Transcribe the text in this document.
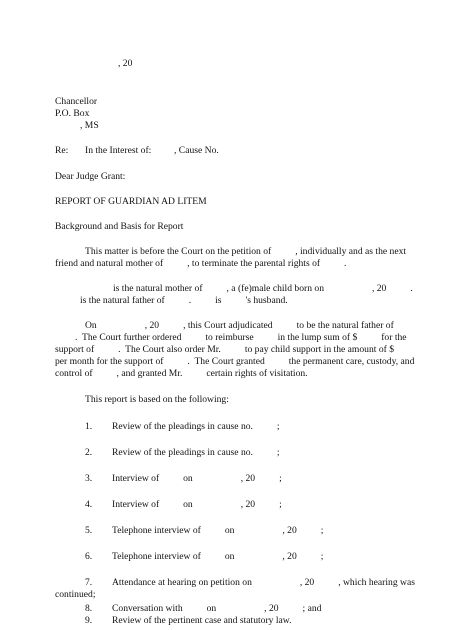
, 20
Chancellor
P.O. Box
, MS
Re: In the Interest of: , Cause No.
Dear Judge Grant:
REPORT OF GUARDIAN AD LITEM
Background and Basis for Report
This matter is before the Court on the petition of          , individually and as the next
friend and natural mother of          , to terminate the parental rights of          .
is the natural mother of          , a (fe)male child born on                    , 20          .
is the natural father of          .          is          's husband.
On                    , 20          , this Court adjudicated          to be the natural father of
.  The Court further ordered          to reimburse          in the lump sum of $          for the
support of          .  The Court also order Mr.          to pay child support in the amount of $
per month for the support of          .  The Court granted          the permanent care, custody, and
control of          , and granted Mr.          certain rights of visitation.
This report is based on the following:
1. Review of the pleadings in cause no.          ;
2. Review of the pleadings in cause no.          ;
3. Interview of          on                    , 20          ;
4. Interview of          on                    , 20          ;
5. Telephone interview of          on                    , 20          ;
6. Telephone interview of          on                    , 20          ;
7. Attendance at hearing on petition on                    , 20          , which hearing was
continued;
8. Conversation with          on                    , 20          ; and
9. Review of the pertinent case and statutory law.
